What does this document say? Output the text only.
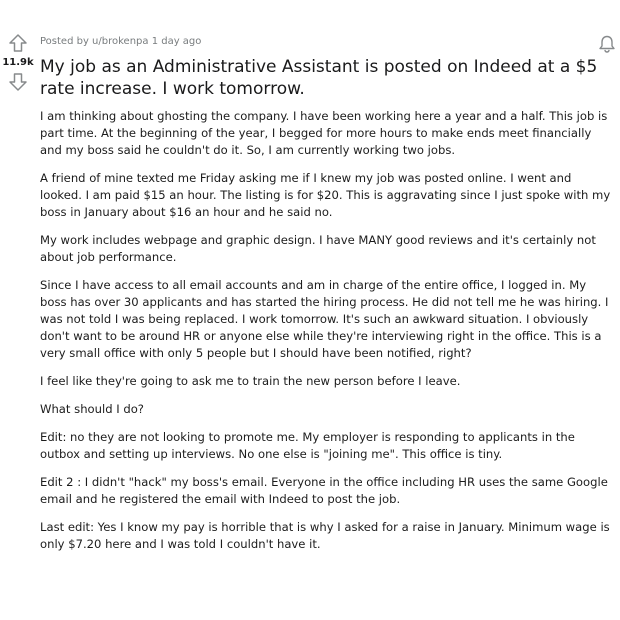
11.9k
Posted by u/brokenpa 1 day ago
My job as an Administrative Assistant is posted on Indeed at a $5 rate increase. I work tomorrow.

I am thinking about ghosting the company. I have been working here a year and a half. This job is part time. At the beginning of the year, I begged for more hours to make ends meet financially and my boss said he couldn't do it. So, I am currently working two jobs.

A friend of mine texted me Friday asking me if I knew my job was posted online. I went and looked. I am paid $15 an hour. The listing is for $20. This is aggravating since I just spoke with my boss in January about $16 an hour and he said no.

My work includes webpage and graphic design. I have MANY good reviews and it's certainly not about job performance.

Since I have access to all email accounts and am in charge of the entire office, I logged in. My boss has over 30 applicants and has started the hiring process. He did not tell me he was hiring. I was not told I was being replaced. I work tomorrow. It's such an awkward situation. I obviously don't want to be around HR or anyone else while they're interviewing right in the office. This is a very small office with only 5 people but I should have been notified, right?

I feel like they're going to ask me to train the new person before I leave.

What should I do?

Edit: no they are not looking to promote me. My employer is responding to applicants in the outbox and setting up interviews. No one else is "joining me". This office is tiny.

Edit 2 : I didn't "hack" my boss's email. Everyone in the office including HR uses the same Google email and he registered the email with Indeed to post the job.

Last edit: Yes I know my pay is horrible that is why I asked for a raise in January. Minimum wage is only $7.20 here and I was told I couldn't have it.
